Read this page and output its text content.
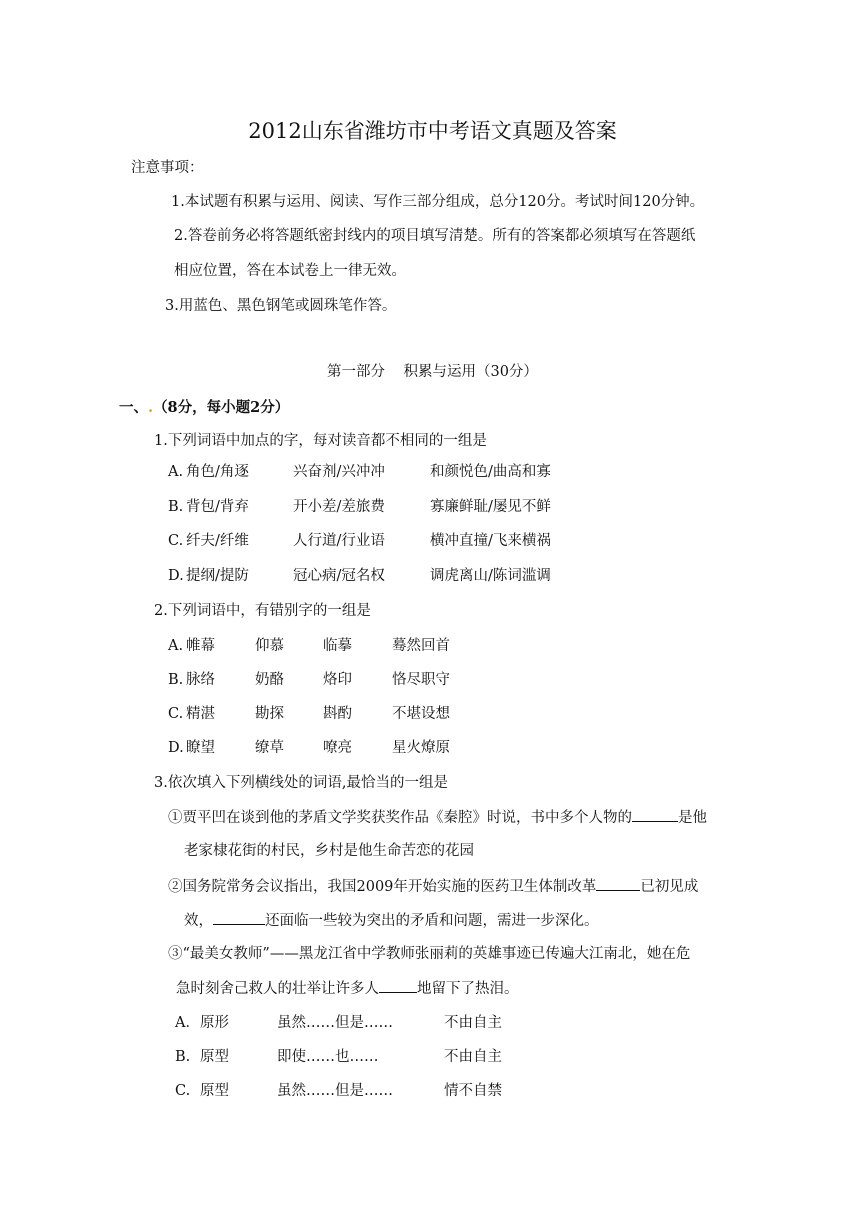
2012山东省潍坊市中考语文真题及答案
注意事项：
1.本试题有积累与运用、阅读、写作三部分组成，总分120分。考试时间120分钟。
2.答卷前务必将答题纸密封线内的项目填写清楚。所有的答案都必须填写在答题纸
相应位置，答在本试卷上一律无效。
3.用蓝色、黑色钢笔或圆珠笔作答。
第一部分    积累与运用（30分）
一、.（8分，每小题2分）
1.下列词语中加点的字，每对读音都不相同的一组是
A. 角色/角逐	兴奋剂/兴冲冲	和颜悦色/曲高和寡
B. 背包/背弃	开小差/差旅费	寡廉鲜耻/屡见不鲜
C. 纤夫/纤维	人行道/行业语	横冲直撞/飞来横祸
D. 提纲/提防	冠心病/冠名权	调虎离山/陈词滥调
2.下列词语中，有错别字的一组是
A. 帷幕	仰慕	临摹	蓦然回首
B. 脉络	奶酪	烙印	恪尽职守
C. 精湛	勘探	斟酌	不堪设想
D. 瞭望	缭草	嘹亮	星火燎原
3.依次填入下列横线处的词语,最恰当的一组是
①贾平凹在谈到他的茅盾文学奖获奖作品《秦腔》时说，书中多个人物的	是他
老家棣花街的村民，乡村是他生命苦恋的花园
②国务院常务会议指出，我国2009年开始实施的医药卫生体制改革	已初见成
效，	还面临一些较为突出的矛盾和问题，需进一步深化。
③“最美女教师”——黑龙江省中学教师张丽莉的英雄事迹已传遍大江南北，她在危
急时刻舍己救人的壮举让许多人	地留下了热泪。
A． 原形	虽然……但是……	不由自主
B. 原型	即使……也……	不由自主
C. 原型	虽然……但是……	情不自禁
